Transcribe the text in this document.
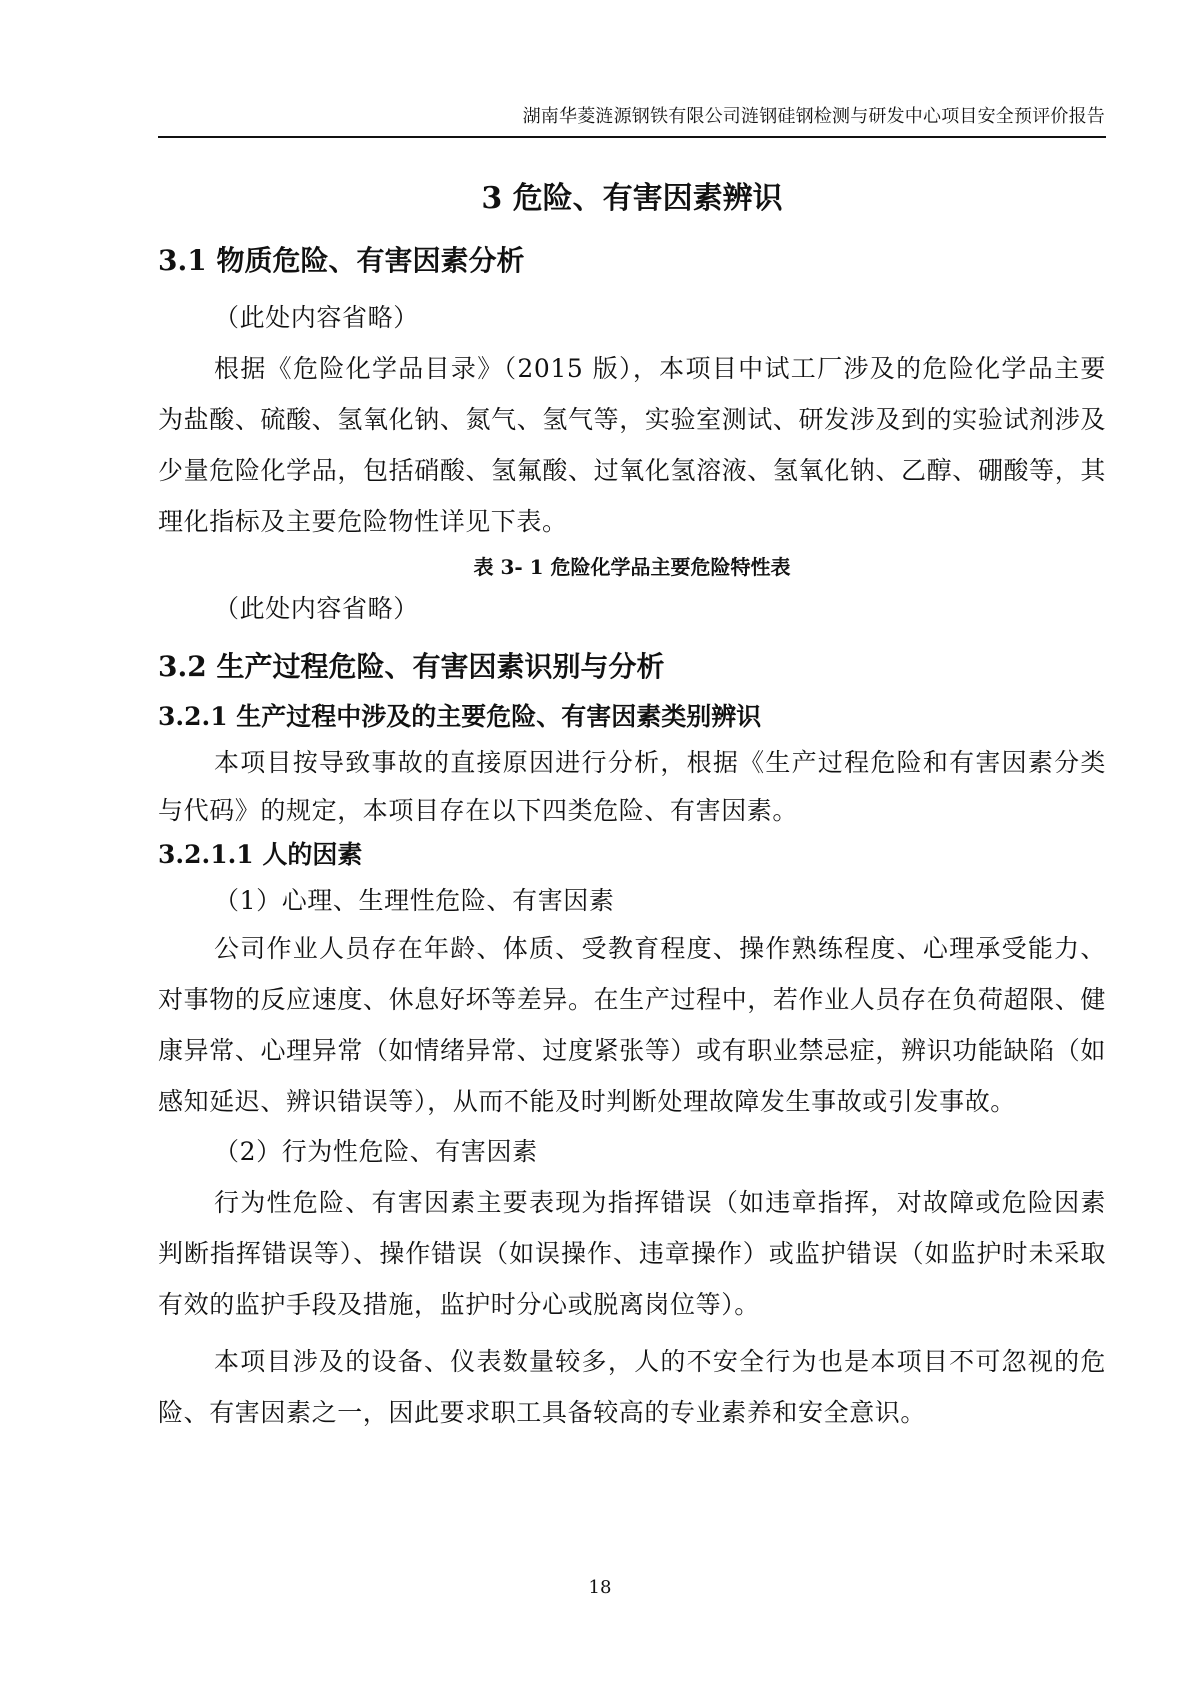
湖南华菱涟源钢铁有限公司涟钢硅钢检测与研发中心项目安全预评价报告
3 危险、有害因素辨识
3.1 物质危险、有害因素分析

（此处内容省略）

根据《危险化学品目录》（2015 版），本项目中试工厂涉及的危险化学品主要为盐酸、硫酸、氢氧化钠、氮气、氢气等，实验室测试、研发涉及到的实验试剂涉及少量危险化学品，包括硝酸、氢氟酸、过氧化氢溶液、氢氧化钠、乙醇、硼酸等，其理化指标及主要危险物性详见下表。

表 3- 1 危险化学品主要危险特性表

（此处内容省略）

3.2 生产过程危险、有害因素识别与分析
3.2.1 生产过程中涉及的主要危险、有害因素类别辨识

本项目按导致事故的直接原因进行分析，根据《生产过程危险和有害因素分类与代码》的规定，本项目存在以下四类危险、有害因素。

3.2.1.1 人的因素

（1）心理、生理性危险、有害因素

公司作业人员存在年龄、体质、受教育程度、操作熟练程度、心理承受能力、对事物的反应速度、休息好坏等差异。在生产过程中，若作业人员存在负荷超限、健康异常、心理异常（如情绪异常、过度紧张等）或有职业禁忌症，辨识功能缺陷（如感知延迟、辨识错误等），从而不能及时判断处理故障发生事故或引发事故。

（2）行为性危险、有害因素

行为性危险、有害因素主要表现为指挥错误（如违章指挥，对故障或危险因素判断指挥错误等）、操作错误（如误操作、违章操作）或监护错误（如监护时未采取有效的监护手段及措施，监护时分心或脱离岗位等）。

本项目涉及的设备、仪表数量较多，人的不安全行为也是本项目不可忽视的危险、有害因素之一，因此要求职工具备较高的专业素养和安全意识。

18
